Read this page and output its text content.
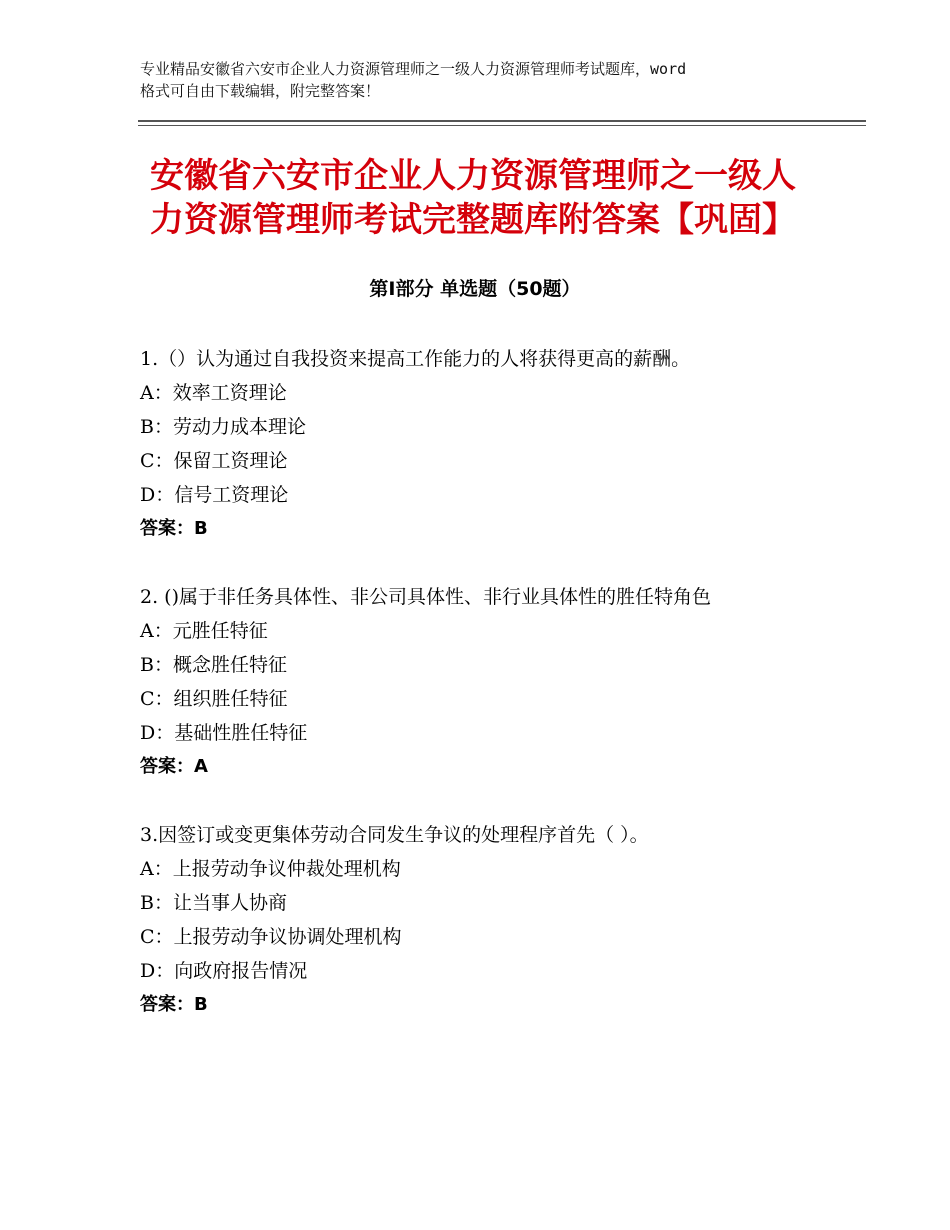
专业精品安徽省六安市企业人力资源管理师之一级人力资源管理师考试题库，word
格式可自由下载编辑，附完整答案！
安徽省六安市企业人力资源管理师之一级人
力资源管理师考试完整题库附答案【巩固】
第Ⅰ部分 单选题（50题）
1.（）认为通过自我投资来提高工作能力的人将获得更高的薪酬。
A：效率工资理论
B：劳动力成本理论
C：保留工资理论
D：信号工资理论
答案：B
2. ()属于非任务具体性、非公司具体性、非行业具体性的胜任特角色
A：元胜任特征
B：概念胜任特征
C：组织胜任特征
D：基础性胜任特征
答案：A
3.因签订或变更集体劳动合同发生争议的处理程序首先（ ）。
A：上报劳动争议仲裁处理机构
B：让当事人协商
C：上报劳动争议协调处理机构
D：向政府报告情况
答案：B
